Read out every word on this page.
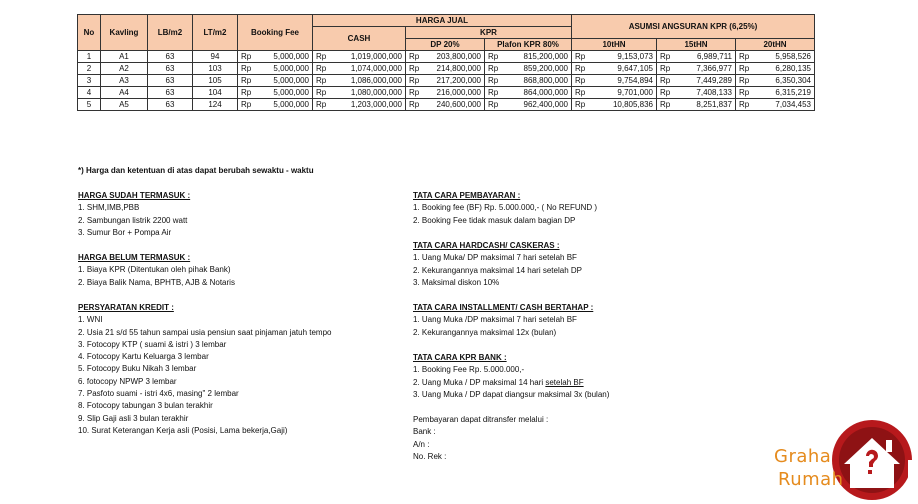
No	Kavling	LB/m2	LT/m2	Booking Fee		HARGA JUAL						ASUMSI ANGSURAN KPR (6,25%)					
						CASH		KPR									
								DP 20%		Plafon KPR 80%		10tHN		15tHN		20tHN	
1	A1	63	94	Rp	5,000,000	Rp	1,019,000,000	Rp	203,800,000	Rp	815,200,000	Rp	9,153,073	Rp	6,989,711	Rp	5,958,526
2	A2	63	103	Rp	5,000,000	Rp	1,074,000,000	Rp	214,800,000	Rp	859,200,000	Rp	9,647,105	Rp	7,366,977	Rp	6,280,135
3	A3	63	105	Rp	5,000,000	Rp	1,086,000,000	Rp	217,200,000	Rp	868,800,000	Rp	9,754,894	Rp	7,449,289	Rp	6,350,304
4	A4	63	104	Rp	5,000,000	Rp	1,080,000,000	Rp	216,000,000	Rp	864,000,000	Rp	9,701,000	Rp	7,408,133	Rp	6,315,219
5	A5	63	124	Rp	5,000,000	Rp	1,203,000,000	Rp	240,600,000	Rp	962,400,000	Rp	10,805,836	Rp	8,251,837	Rp	7,034,453
*) Harga dan ketentuan di atas dapat berubah sewaktu - waktu
HARGA SUDAH TERMASUK :
1. SHM,IMB,PBB
2. Sambungan listrik 2200 watt
3. Sumur Bor + Pompa Air
HARGA BELUM TERMASUK :
1. Biaya KPR (Ditentukan oleh pihak Bank)
2. Biaya Balik Nama, BPHTB, AJB & Notaris
PERSYARATAN KREDIT :
1. WNI
2. Usia 21 s/d 55 tahun sampai usia pensiun saat pinjaman jatuh tempo
3. Fotocopy KTP ( suami & istri ) 3 lembar
4. Fotocopy Kartu Keluarga 3 lembar
5. Fotocopy Buku Nikah 3 lembar
6. fotocopy NPWP 3 lembar
7. Pasfoto suami - istri 4x6, masing" 2 lembar
8. Fotocopy tabungan 3 bulan terakhir
9. Slip Gaji asli 3 bulan terakhir
10. Surat Keterangan Kerja asli (Posisi, Lama bekerja,Gaji)
TATA CARA PEMBAYARAN :
1. Booking fee (BF) Rp. 5.000.000,- ( No REFUND )
2. Booking Fee tidak masuk dalam bagian DP
TATA CARA HARDCASH/ CASKERAS :
1. Uang Muka/ DP maksimal 7 hari setelah BF
2. Kekurangannya maksimal 14 hari setelah DP
3. Maksimal diskon 10%
TATA CARA INSTALLMENT/ CASH BERTAHAP :
1. Uang Muka /DP maksimal 7 hari setelah BF
2. Kekurangannya maksimal 12x (bulan)
TATA CARA KPR BANK :
1. Booking Fee Rp. 5.000.000,-
2. Uang Muka / DP maksimal 14 hari setelah BF
3. Uang Muka / DP dapat diangsur maksimal 3x (bulan)
Pembayaran dapat ditransfer melalui :
Bank :
A/n :
No. Rek :	Graha
Rumah
